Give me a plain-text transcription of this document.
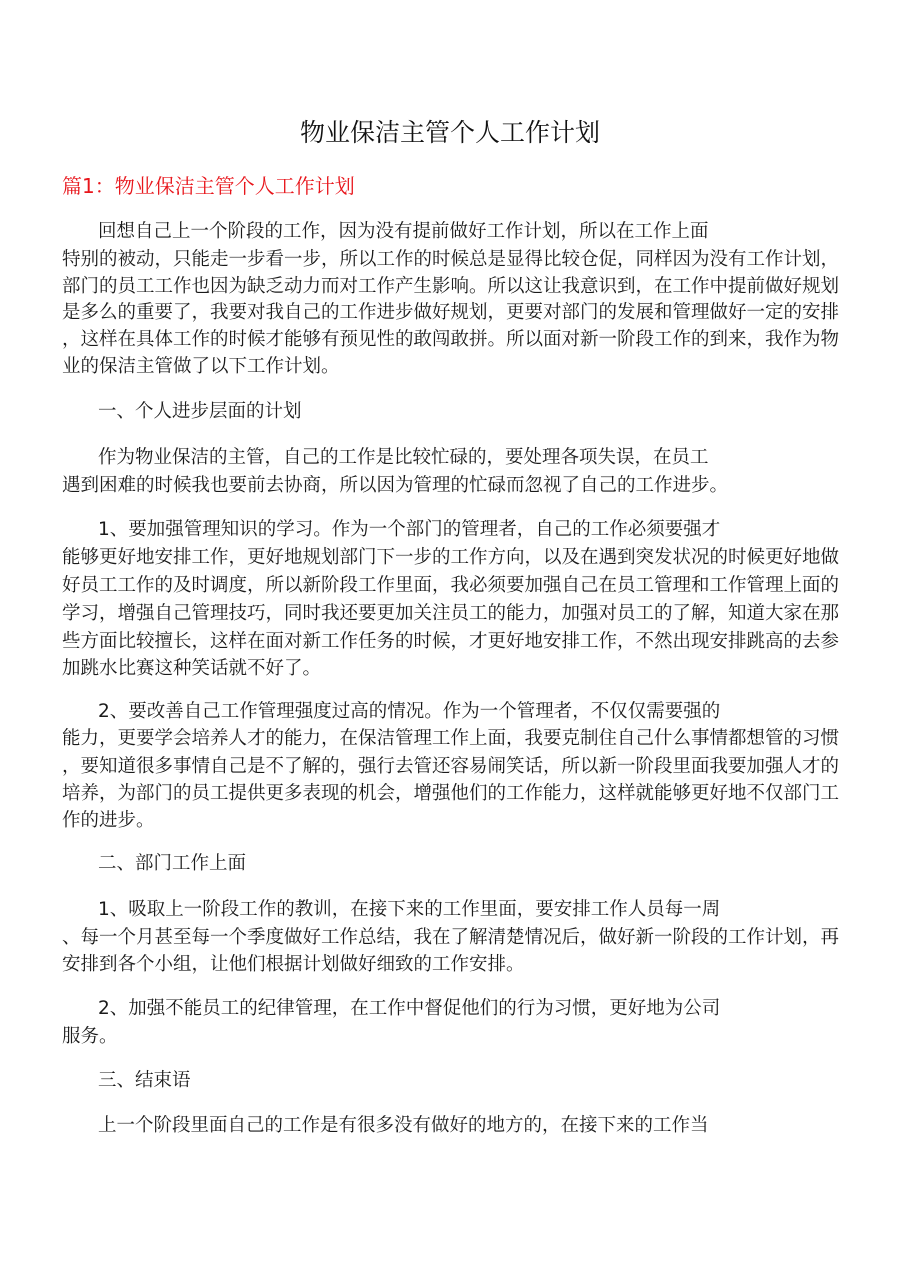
物业保洁主管个人工作计划
篇1：物业保洁主管个人工作计划
回想自己上一个阶段的工作，因为没有提前做好工作计划，所以在工作上面
特别的被动，只能走一步看一步，所以工作的时候总是显得比较仓促，同样因为没有工作计划，
部门的员工工作也因为缺乏动力而对工作产生影响。所以这让我意识到，在工作中提前做好规划
是多么的重要了，我要对我自己的工作进步做好规划，更要对部门的发展和管理做好一定的安排
，这样在具体工作的时候才能够有预见性的敢闯敢拼。所以面对新一阶段工作的到来，我作为物
业的保洁主管做了以下工作计划。
一、个人进步层面的计划
作为物业保洁的主管，自己的工作是比较忙碌的，要处理各项失误，在员工
遇到困难的时候我也要前去协商，所以因为管理的忙碌而忽视了自己的工作进步。
1、要加强管理知识的学习。作为一个部门的管理者，自己的工作必须要强才
能够更好地安排工作，更好地规划部门下一步的工作方向，以及在遇到突发状况的时候更好地做
好员工工作的及时调度，所以新阶段工作里面，我必须要加强自己在员工管理和工作管理上面的
学习，增强自己管理技巧，同时我还要更加关注员工的能力，加强对员工的了解，知道大家在那
些方面比较擅长，这样在面对新工作任务的时候，才更好地安排工作，不然出现安排跳高的去参
加跳水比赛这种笑话就不好了。
2、要改善自己工作管理强度过高的情况。作为一个管理者，不仅仅需要强的
能力，更要学会培养人才的能力，在保洁管理工作上面，我要克制住自己什么事情都想管的习惯
，要知道很多事情自己是不了解的，强行去管还容易闹笑话，所以新一阶段里面我要加强人才的
培养，为部门的员工提供更多表现的机会，增强他们的工作能力，这样就能够更好地不仅部门工
作的进步。
二、部门工作上面
1、吸取上一阶段工作的教训，在接下来的工作里面，要安排工作人员每一周
、每一个月甚至每一个季度做好工作总结，我在了解清楚情况后，做好新一阶段的工作计划，再
安排到各个小组，让他们根据计划做好细致的工作安排。
2、加强不能员工的纪律管理，在工作中督促他们的行为习惯，更好地为公司
服务。
三、结束语
上一个阶段里面自己的工作是有很多没有做好的地方的，在接下来的工作当
